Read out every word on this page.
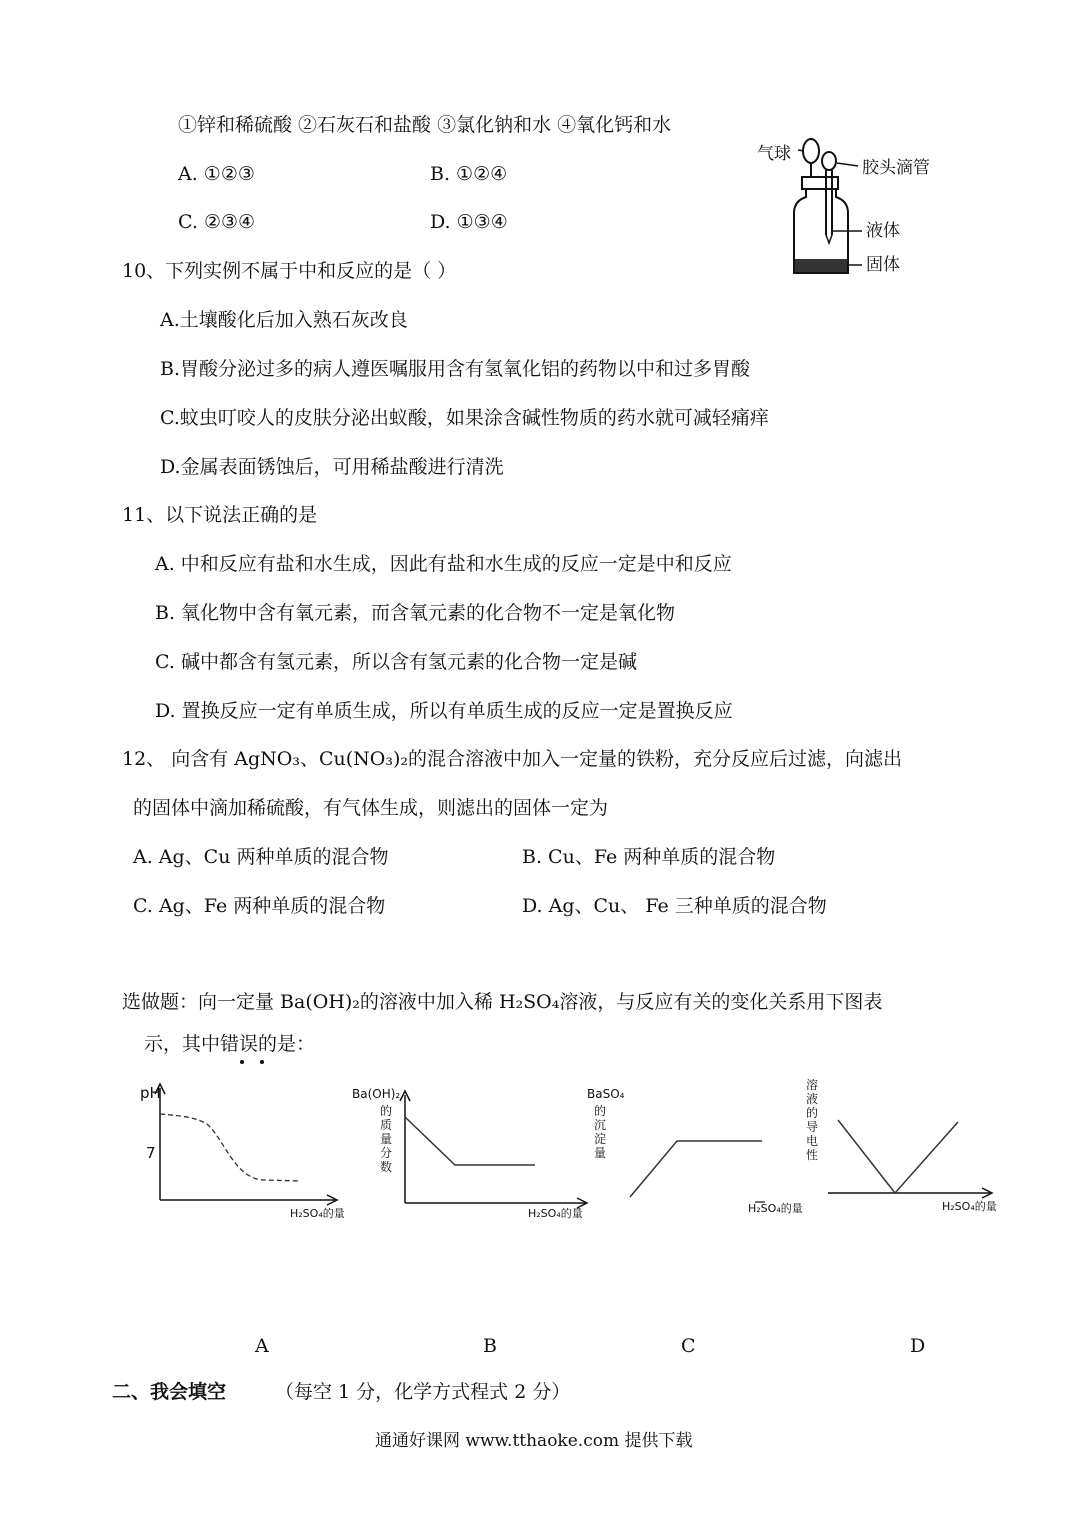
①锌和稀硫酸 ②石灰石和盐酸 ③氯化钠和水 ④氧化钙和水
A. ①②③	B. ①②④
C. ②③④	D. ①③④
气球
胶头滴管
液体
固体
10、下列实例不属于中和反应的是（ ）
A.土壤酸化后加入熟石灰改良
B.胃酸分泌过多的病人遵医嘱服用含有氢氧化铝的药物以中和过多胃酸
C.蚊虫叮咬人的皮肤分泌出蚁酸，如果涂含碱性物质的药水就可减轻痛痒
D.金属表面锈蚀后，可用稀盐酸进行清洗
11、以下说法正确的是
A. 中和反应有盐和水生成，因此有盐和水生成的反应一定是中和反应
B. 氧化物中含有氧元素，而含氧元素的化合物不一定是氧化物
C. 碱中都含有氢元素，所以含有氢元素的化合物一定是碱
D. 置换反应一定有单质生成，所以有单质生成的反应一定是置换反应
12、 向含有 AgNO₃、Cu(NO₃)₂的混合溶液中加入一定量的铁粉，充分反应后过滤，向滤出
的固体中滴加稀硫酸，有气体生成，则滤出的固体一定为
A. Ag、Cu 两种单质的混合物	B. Cu、Fe 两种单质的混合物
C. Ag、Fe 两种单质的混合物	D. Ag、Cu、 Fe 三种单质的混合物
选做题：向一定量 Ba(OH)₂的溶液中加入稀 H₂SO₄溶液，与反应有关的变化关系用下图表
示，其中错误的是：
pH
7
H₂SO₄的量
Ba(OH)₂
的质量分数
H₂SO₄的量
BaSO₄
的沉淀量
H₂SO₄的量
溶液的导电性
H₂SO₄的量
A	B	C	D
二、我会填空	（每空 1 分，化学方式程式 2 分）
通通好课网 www.tthaoke.com 提供下载
